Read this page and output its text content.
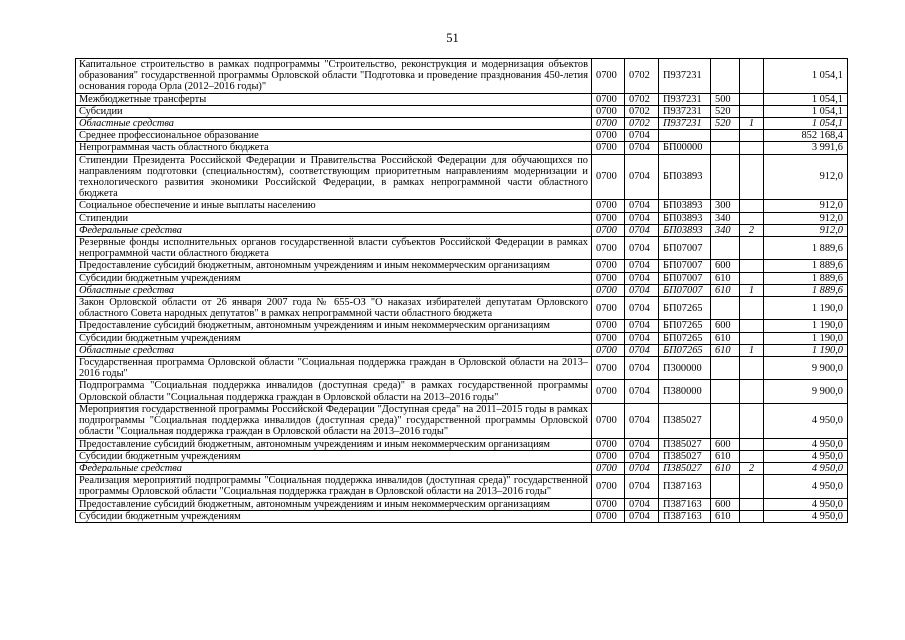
51
Капитальное строительство в рамках подпрограммы "Строительство, реконструкция и модернизация объектов образования" государственной программы Орловской области "Подготовка и проведение празднования 450-летия основания города Орла (2012–2016 годы)"	0700	0702	П937231			1 054,1
Межбюджетные трансферты	0700	0702	П937231	500		1 054,1
Субсидии	0700	0702	П937231	520		1 054,1
Областные средства	0700	0702	П937231	520	1	1 054,1
Среднее профессиональное образование	0700	0704				852 168,4
Непрограммная часть областного бюджета	0700	0704	БП00000			3 991,6
Стипендии Президента Российской Федерации и Правительства Российской Федерации для обучающихся по направлениям подготовки (специальностям), соответствующим приоритетным направлениям модернизации и технологического развития экономики Российской Федерации, в рамках непрограммной части областного бюджета	0700	0704	БП03893			912,0
Социальное обеспечение и иные выплаты населению	0700	0704	БП03893	300		912,0
Стипендии	0700	0704	БП03893	340		912,0
Федеральные средства	0700	0704	БП03893	340	2	912,0
Резервные фонды исполнительных органов государственной власти субъектов Российской Федерации в рамках непрограммной части областного бюджета	0700	0704	БП07007			1 889,6
Предоставление субсидий бюджетным, автономным учреждениям и иным некоммерческим организациям	0700	0704	БП07007	600		1 889,6
Субсидии бюджетным учреждениям	0700	0704	БП07007	610		1 889,6
Областные средства	0700	0704	БП07007	610	1	1 889,6
Закон Орловской области от 26 января 2007 года № 655-ОЗ "О наказах избирателей депутатам Орловского областного Совета народных депутатов" в рамках непрограммной части областного бюджета	0700	0704	БП07265			1 190,0
Предоставление субсидий бюджетным, автономным учреждениям и иным некоммерческим организациям	0700	0704	БП07265	600		1 190,0
Субсидии бюджетным учреждениям	0700	0704	БП07265	610		1 190,0
Областные средства	0700	0704	БП07265	610	1	1 190,0
Государственная программа Орловской области "Социальная поддержка граждан в Орловской области на 2013–2016 годы"	0700	0704	П300000			9 900,0
Подпрограмма "Социальная поддержка инвалидов (доступная среда)" в рамках государственной программы Орловской области "Социальная поддержка граждан в Орловской области на 2013–2016 годы"	0700	0704	П380000			9 900,0
Мероприятия государственной программы Российской Федерации "Доступная среда" на 2011–2015 годы в рамках подпрограммы "Социальная поддержка инвалидов (доступная среда)" государственной программы Орловской области "Социальная поддержка граждан в Орловской области на 2013–2016 годы"	0700	0704	П385027			4 950,0
Предоставление субсидий бюджетным, автономным учреждениям и иным некоммерческим организациям	0700	0704	П385027	600		4 950,0
Субсидии бюджетным учреждениям	0700	0704	П385027	610		4 950,0
Федеральные средства	0700	0704	П385027	610	2	4 950,0
Реализация мероприятий подпрограммы "Социальная поддержка инвалидов (доступная среда)" государственной программы Орловской области "Социальная поддержка граждан в Орловской области на 2013–2016 годы"	0700	0704	П387163			4 950,0
Предоставление субсидий бюджетным, автономным учреждениям и иным некоммерческим организациям	0700	0704	П387163	600		4 950,0
Субсидии бюджетным учреждениям	0700	0704	П387163	610		4 950,0
